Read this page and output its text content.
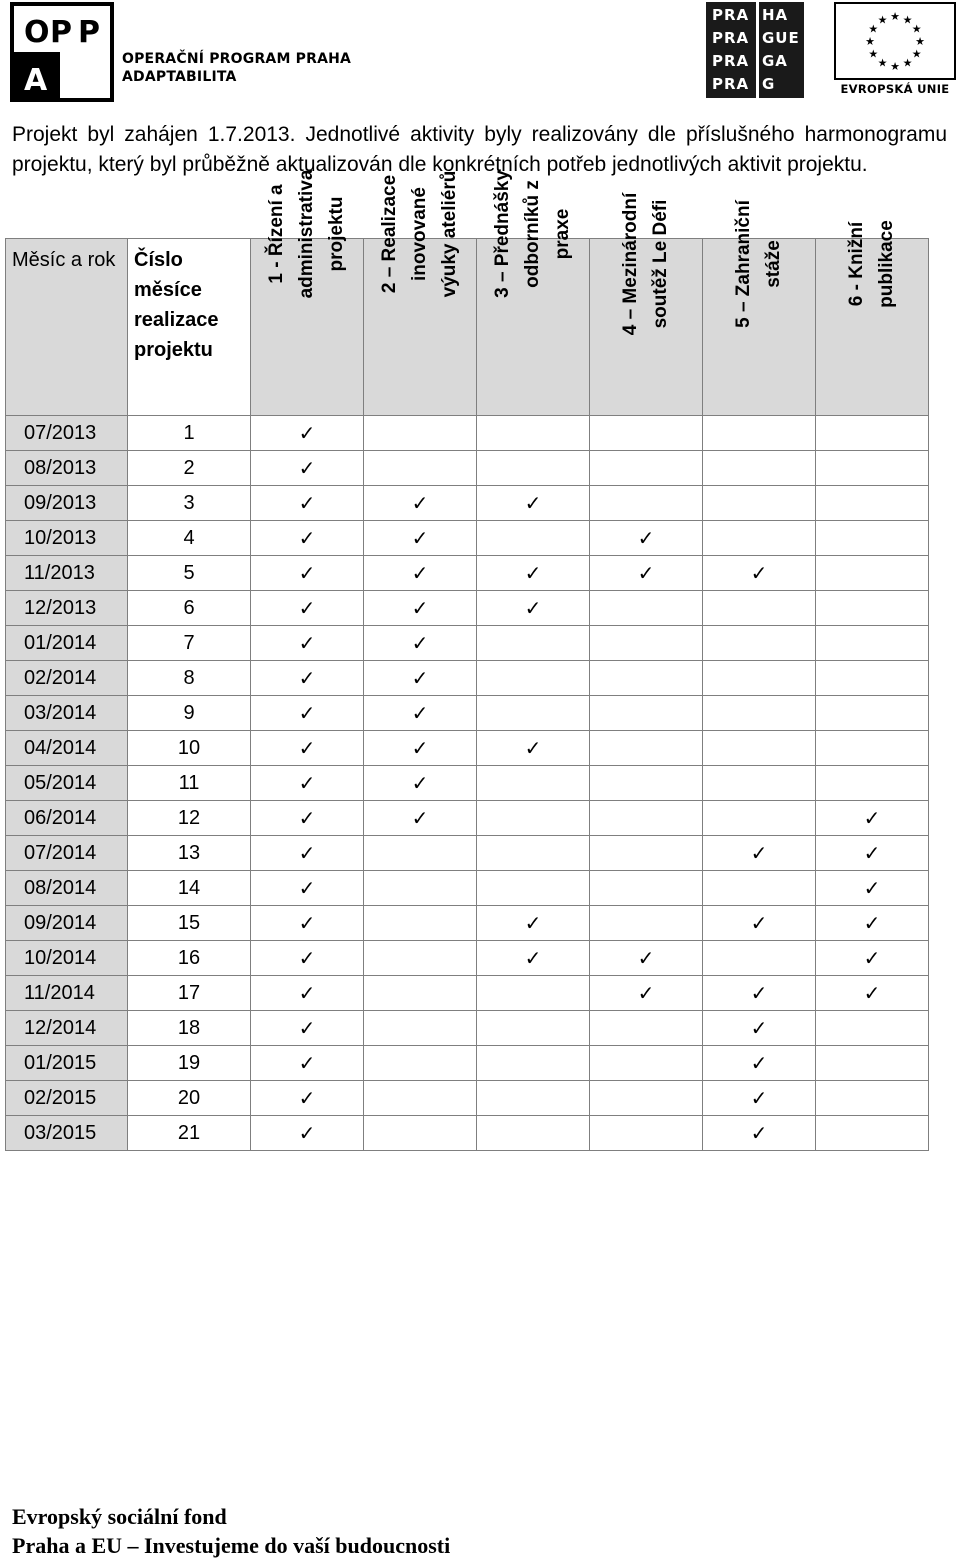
O P P
A
OPERAČNÍ PROGRAM PRAHA
ADAPTABILITA
PRA HA
PRA GUE
PRA GA
PRA G
★ ★
★
★
★
★
★
★
★
★
★
★
EVROPSKÁ UNIE
Projekt byl zahájen 1.7.2013. Jednotlivé aktivity byly realizovány dle příslušného harmonogramu projektu, který byl průběžně aktualizován dle konkrétních potřeb jednotlivých aktivit projektu.
Měsíc a rok	Číslo měsíce realizace projektu	1 - Řízení a administrativa projektu	2 – Realizace inovované výuky ateliérů	3 – Přednášky odborníků z praxe	4 – Mezinárodní soutěž Le Défi	5 – Zahraniční stáže	6 - Knižní publikace

07/2013	1	✓					
08/2013	2	✓					
09/2013	3	✓	✓	✓			
10/2013	4	✓	✓		✓		
11/2013	5	✓	✓	✓	✓	✓	
12/2013	6	✓	✓	✓			
01/2014	7	✓	✓				
02/2014	8	✓	✓				
03/2014	9	✓	✓				
04/2014	10	✓	✓	✓			
05/2014	11	✓	✓				
06/2014	12	✓	✓				✓
07/2014	13	✓				✓	✓
08/2014	14	✓					✓
09/2014	15	✓		✓		✓	✓
10/2014	16	✓		✓	✓		✓
11/2014	17	✓			✓	✓	✓
12/2014	18	✓				✓	
01/2015	19	✓				✓	
02/2015	20	✓				✓	
03/2015	21	✓				✓	
Evropský sociální fond
Praha a EU – Investujeme do vaší budoucnosti
